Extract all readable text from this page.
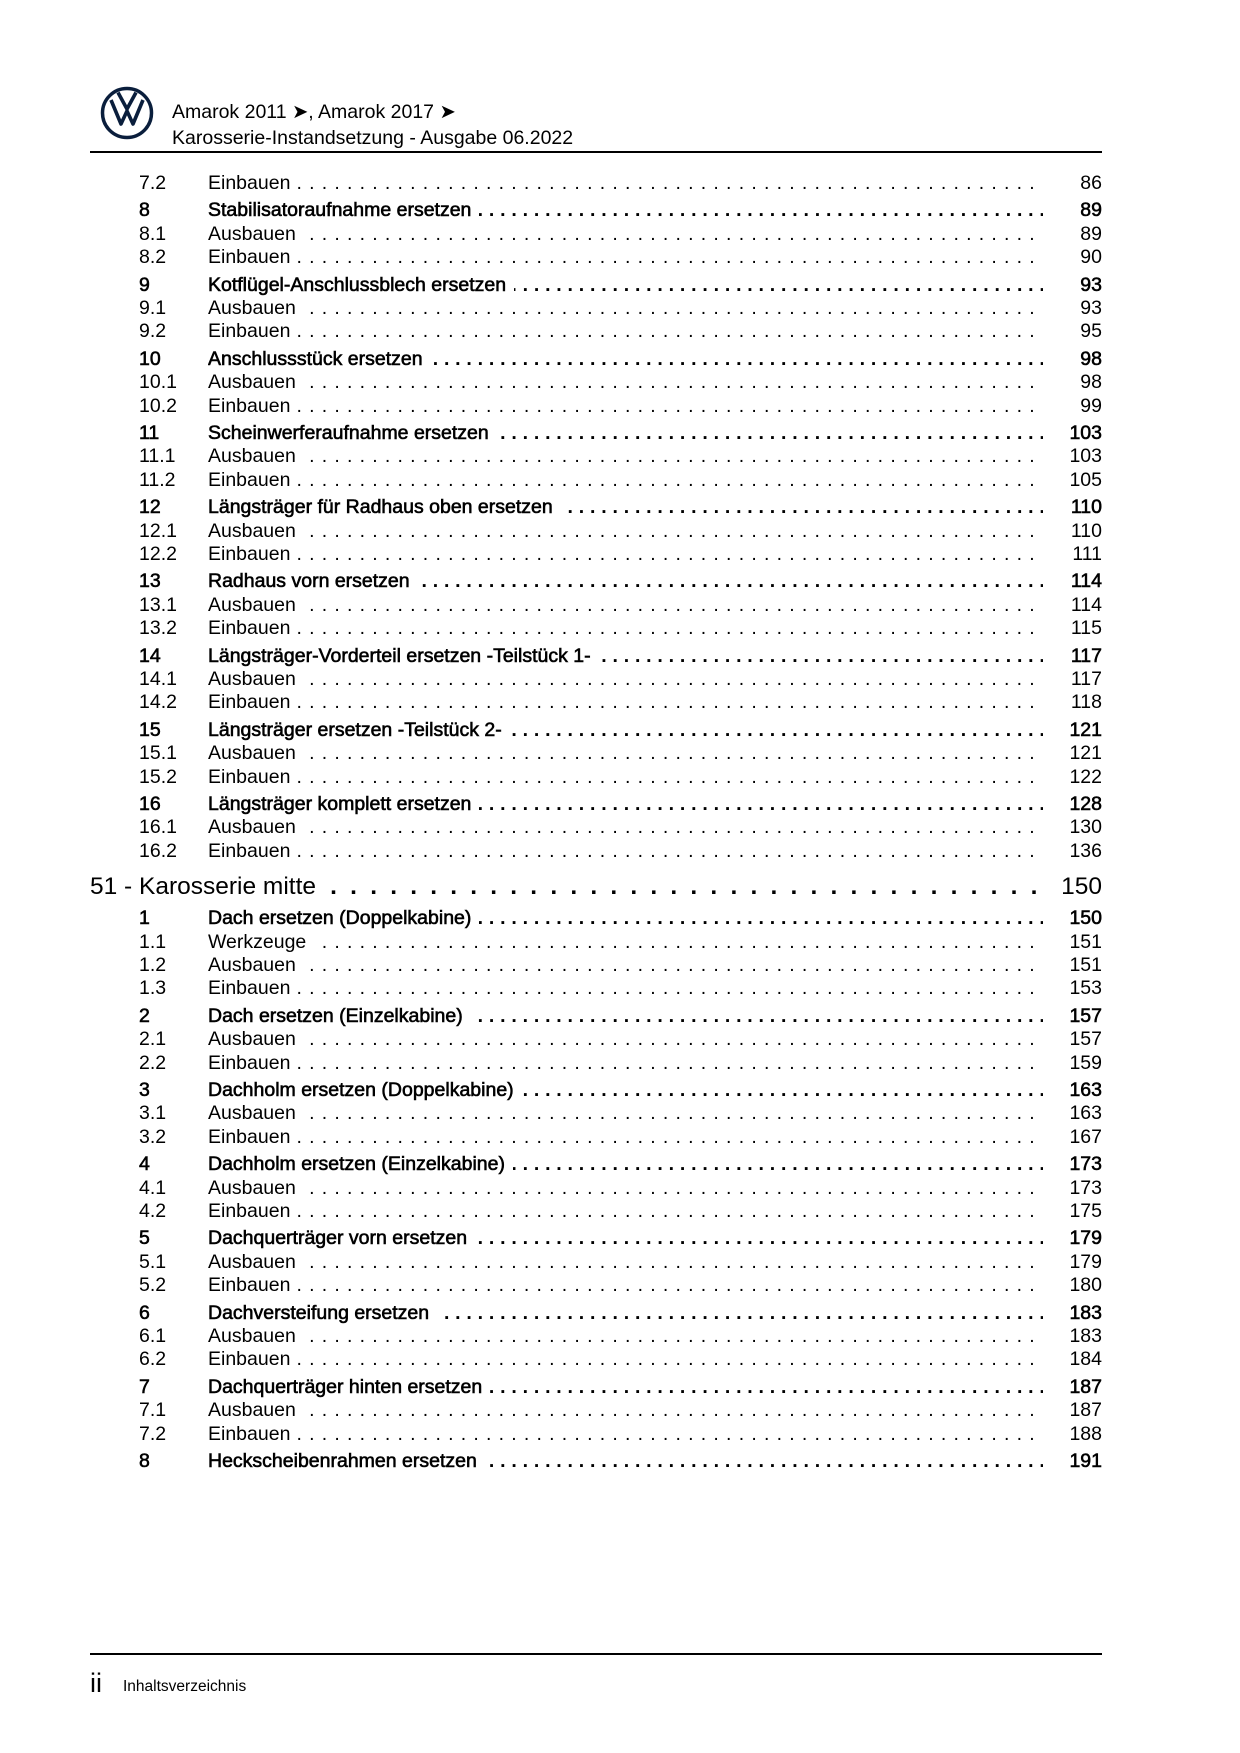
Amarok 2011 ➤, Amarok 2017 ➤
Karosserie-Instandsetzung - Ausgabe 06.2022
7.2 Einbauen . . .	86
8	Stabilisatoraufnahme ersetzen . . .	89
8.1 Ausbauen . . .	89
8.2 Einbauen . . .	90
9	Kotflügel-Anschlussblech ersetzen . . .	93
9.1 Ausbauen . . .	93
9.2 Einbauen . . .	95
10 Anschlussstück ersetzen . . .	98
10.1 Ausbauen . . .	98
10.2 Einbauen . . .	99
11	Scheinwerferaufnahme ersetzen . . .	103
11.1 Ausbauen . . .	103
11.2 Einbauen . . .	105
12 Längsträger für Radhaus oben ersetzen . . .	110
12.1 Ausbauen . . .	110
12.2 Einbauen . . .	111
13 Radhaus vorn ersetzen . . .	114
13.1 Ausbauen . . .	114
13.2 Einbauen . . .	115
14 Längsträger-Vorderteil ersetzen -Teilstück 1- . . .	117
14.1 Ausbauen . . .	117
14.2 Einbauen . . .	118
15 Längsträger ersetzen -Teilstück 2- . . .	121
15.1 Ausbauen . . .	121
15.2 Einbauen . . .	122
16 Längsträger komplett ersetzen . . .	128
16.1 Ausbauen . . .	130
16.2 Einbauen . . .	136
51 - Karosserie mitte . . .	150
1	Dach ersetzen (Doppelkabine) . . .	150
1.1 Werkzeuge . . .	151
1.2 Ausbauen . . .	151
1.3 Einbauen . . .	153
2	Dach ersetzen (Einzelkabine) . . .	157
2.1 Ausbauen . . .	157
2.2 Einbauen . . .	159
3	Dachholm ersetzen (Doppelkabine) . . .	163
3.1 Ausbauen . . .	163
3.2 Einbauen . . .	167
4	Dachholm ersetzen (Einzelkabine) . . .	173
4.1 Ausbauen . . .	173
4.2 Einbauen . . .	175
5	Dachquerträger vorn ersetzen . . .	179
5.1 Ausbauen . . .	179
5.2 Einbauen . . .	180
6	Dachversteifung ersetzen . . .	183
6.1 Ausbauen . . .	183
6.2 Einbauen . . .	184
7	Dachquerträger hinten ersetzen . . .	187
7.1 Ausbauen . . .	187
7.2 Einbauen . . .	188
8	Heckscheibenrahmen ersetzen . . .	191
ii Inhaltsverzeichnis
